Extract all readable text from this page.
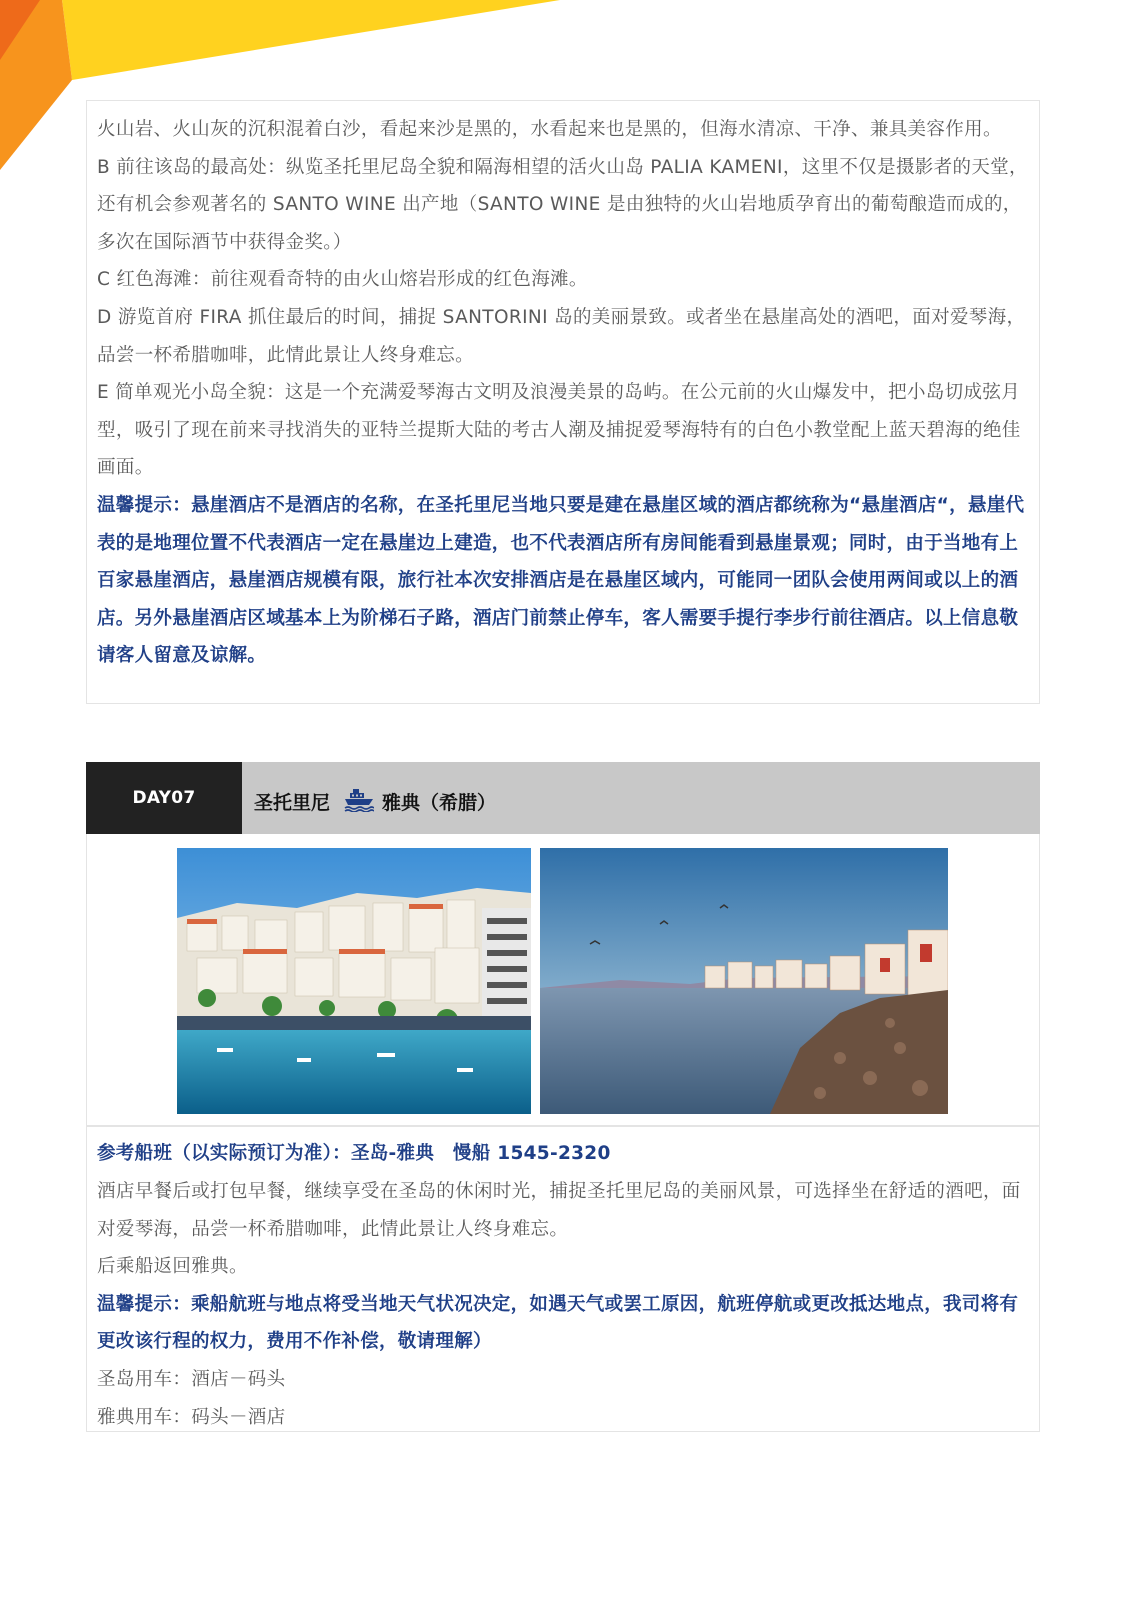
火山岩、火山灰的沉积混着白沙，看起来沙是黑的，水看起来也是黑的，但海水清凉、干净、兼具美容作用。

B 前往该岛的最高处：纵览圣托里尼岛全貌和隔海相望的活火山岛 PALIA KAMENI，这里不仅是摄影者的天堂，还有机会参观著名的 SANTO WINE 出产地（SANTO WINE 是由独特的火山岩地质孕育出的葡萄酿造而成的，多次在国际酒节中获得金奖。）

C 红色海滩：前往观看奇特的由火山熔岩形成的红色海滩。

D 游览首府 FIRA 抓住最后的时间，捕捉 SANTORINI 岛的美丽景致。或者坐在悬崖高处的酒吧，面对爱琴海，品尝一杯希腊咖啡，此情此景让人终身难忘。

E 简单观光小岛全貌：这是一个充满爱琴海古文明及浪漫美景的岛屿。在公元前的火山爆发中，把小岛切成弦月型，吸引了现在前来寻找消失的亚特兰提斯大陆的考古人潮及捕捉爱琴海特有的白色小教堂配上蓝天碧海的绝佳画面。

温馨提示：悬崖酒店不是酒店的名称，在圣托里尼当地只要是建在悬崖区域的酒店都统称为“悬崖酒店“，悬崖代表的是地理位置不代表酒店一定在悬崖边上建造，也不代表酒店所有房间能看到悬崖景观；同时，由于当地有上百家悬崖酒店，悬崖酒店规模有限，旅行社本次安排酒店是在悬崖区域内，可能同一团队会使用两间或以上的酒店。另外悬崖酒店区域基本上为阶梯石子路，酒店门前禁止停车，客人需要手提行李步行前往酒店。以上信息敬请客人留意及谅解。

DAY07	圣托里尼	雅典（希腊）

参考船班（以实际预订为准）：圣岛-雅典　慢船 1545-2320

酒店早餐后或打包早餐，继续享受在圣岛的休闲时光，捕捉圣托里尼岛的美丽风景，可选择坐在舒适的酒吧，面对爱琴海，品尝一杯希腊咖啡，此情此景让人终身难忘。

后乘船返回雅典。

温馨提示：乘船航班与地点将受当地天气状况决定，如遇天气或罢工原因，航班停航或更改抵达地点，我司将有更改该行程的权力，费用不作补偿，敬请理解）

圣岛用车：酒店－码头

雅典用车：码头－酒店
